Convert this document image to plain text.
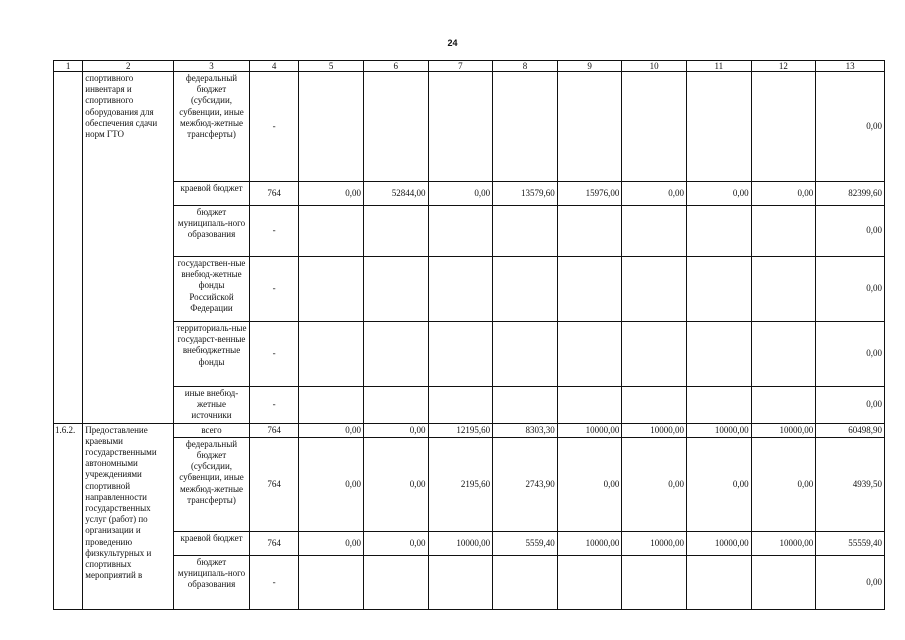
24
1	2	3	4	5	6	7	8	9	10	11	12	13
	спортивного инвентаря и спортивного оборудования для обеспечения сдачи норм ГТО	федеральный бюджет (субсидии, субвенции, иные межбюд-жетные трансферты)	-									0,00
		краевой бюджет	764	0,00	52844,00	0,00	13579,60	15976,00	0,00	0,00	0,00	82399,60
		бюджет муниципаль-ного образования	-									0,00
		государствен-ные внебюд-жетные фонды Российской Федерации	-									0,00
		территориаль-ные государст-венные внебюджетные фонды	-									0,00
		иные внебюд-жетные источники	-									0,00
1.6.2.	Предоставление краевыми государственными автономными учреждениями спортивной направленности государственных услуг (работ) по организации и проведению физкультурных и спортивных мероприятий в	всего	764	0,00	0,00	12195,60	8303,30	10000,00	10000,00	10000,00	10000,00	60498,90
		федеральный бюджет (субсидии, субвенции, иные межбюд-жетные трансферты)	764	0,00	0,00	2195,60	2743,90	0,00	0,00	0,00	0,00	4939,50
		краевой бюджет	764	0,00	0,00	10000,00	5559,40	10000,00	10000,00	10000,00	10000,00	55559,40
		бюджет муниципаль-ного образования	-									0,00
